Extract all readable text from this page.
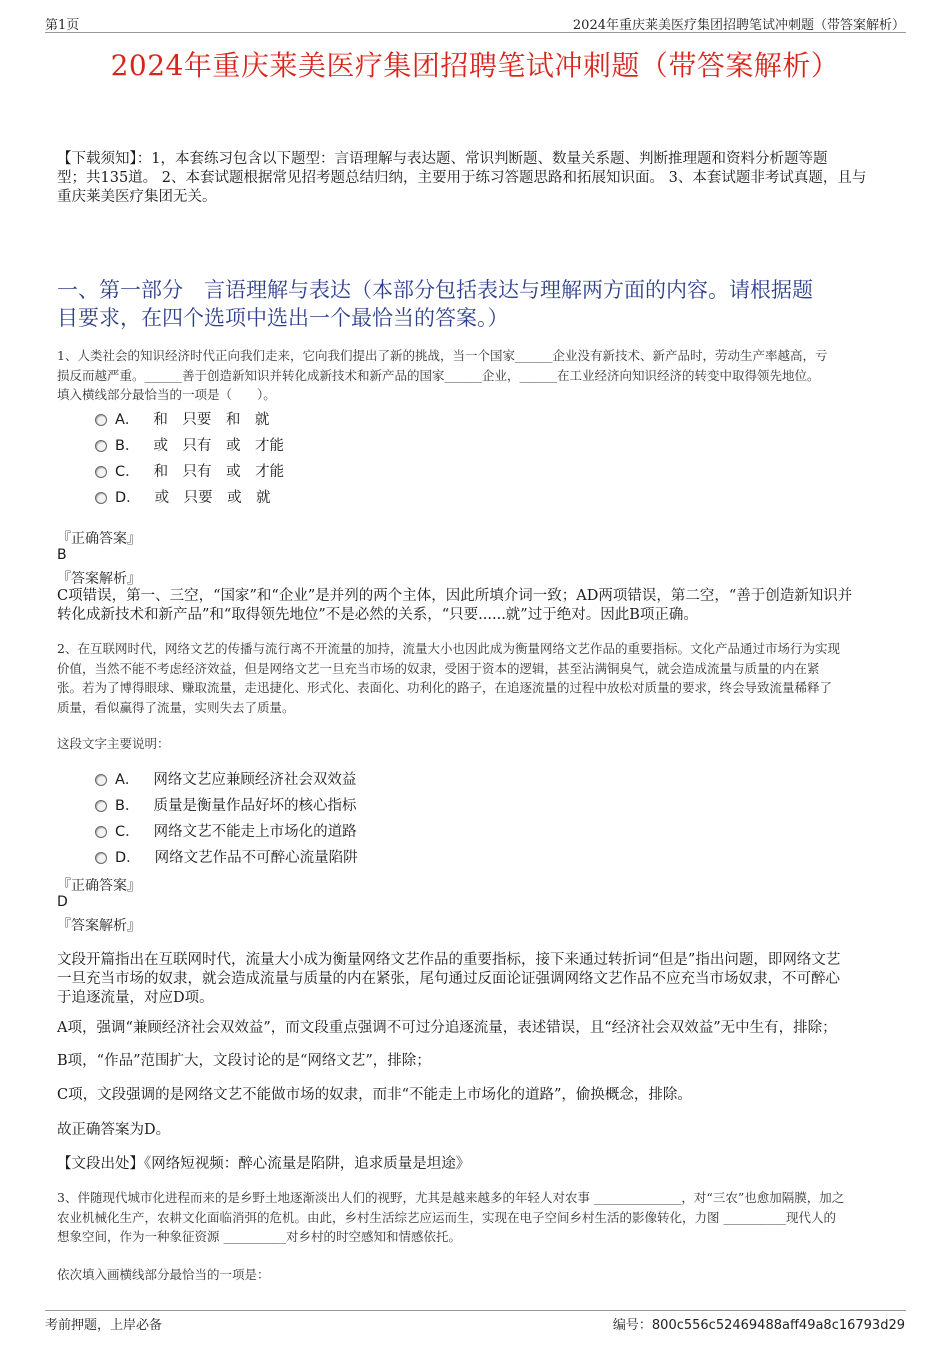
第1页	2024年重庆莱美医疗集团招聘笔试冲刺题（带答案解析）
2024年重庆莱美医疗集团招聘笔试冲刺题（带答案解析）
【下载须知】：1，本套练习包含以下题型：言语理解与表达题、常识判断题、数量关系题、判断推理题和资料分析题等题
型；共135道。 2、本套试题根据常见招考题总结归纳，主要用于练习答题思路和拓展知识面。 3、本套试题非考试真题，且与
重庆莱美医疗集团无关。
一、第一部分　言语理解与表达（本部分包括表达与理解两方面的内容。请根据题
目要求，在四个选项中选出一个最恰当的答案。）
1、人类社会的知识经济时代正向我们走来，它向我们提出了新的挑战，当一个国家______企业没有新技术、新产品时，劳动生产率越高，亏
损反而越严重。______善于创造新知识并转化成新技术和新产品的国家______企业，______在工业经济向知识经济的转变中取得领先地位。
填入横线部分最恰当的一项是（　　）。
A． 和　只要　和　就
B． 或　只有　或　才能
C． 和　只有　或　才能
D． 或　只要　或　就
『正确答案』
B
『答案解析』
C项错误，第一、三空，“国家”和“企业”是并列的两个主体，因此所填介词一致；AD两项错误，第二空，“善于创造新知识并
转化成新技术和新产品”和“取得领先地位”不是必然的关系，“只要......就”过于绝对。因此B项正确。
2、在互联网时代，网络文艺的传播与流行离不开流量的加持，流量大小也因此成为衡量网络文艺作品的重要指标。文化产品通过市场行为实现
价值，当然不能不考虑经济效益，但是网络文艺一旦充当市场的奴隶，受困于资本的逻辑，甚至沾满铜臭气，就会造成流量与质量的内在紧
张。若为了博得眼球、赚取流量，走迅捷化、形式化、表面化、功利化的路子，在追逐流量的过程中放松对质量的要求，终会导致流量稀释了
质量，看似赢得了流量，实则失去了质量。
这段文字主要说明：
A． 网络文艺应兼顾经济社会双效益
B． 质量是衡量作品好坏的核心指标
C． 网络文艺不能走上市场化的道路
D． 网络文艺作品不可醉心流量陷阱
『正确答案』
D
『答案解析』
文段开篇指出在互联网时代，流量大小成为衡量网络文艺作品的重要指标，接下来通过转折词“但是”指出问题，即网络文艺
一旦充当市场的奴隶，就会造成流量与质量的内在紧张，尾句通过反面论证强调网络文艺作品不应充当市场奴隶，不可醉心
于追逐流量，对应D项。
A项，强调“兼顾经济社会双效益”，而文段重点强调不可过分追逐流量，表述错误，且“经济社会双效益”无中生有，排除；
B项，“作品”范围扩大，文段讨论的是“网络文艺”，排除；
C项，文段强调的是网络文艺不能做市场的奴隶，而非“不能走上市场化的道路”，偷换概念，排除。
故正确答案为D。
【文段出处】《网络短视频：醉心流量是陷阱，追求质量是坦途》
3、伴随现代城市化进程而来的是乡野土地逐渐淡出人们的视野，尤其是越来越多的年轻人对农事 ______________，对“三农”也愈加隔膜，加之
农业机械化生产，农耕文化面临消弭的危机。由此，乡村生活综艺应运而生，实现在电子空间乡村生活的影像转化，力图 __________现代人的
想象空间，作为一种象征资源 __________对乡村的时空感知和情感依托。
依次填入画横线部分最恰当的一项是：
考前押题，上岸必备	编号：800c556c52469488aff49a8c16793d29
